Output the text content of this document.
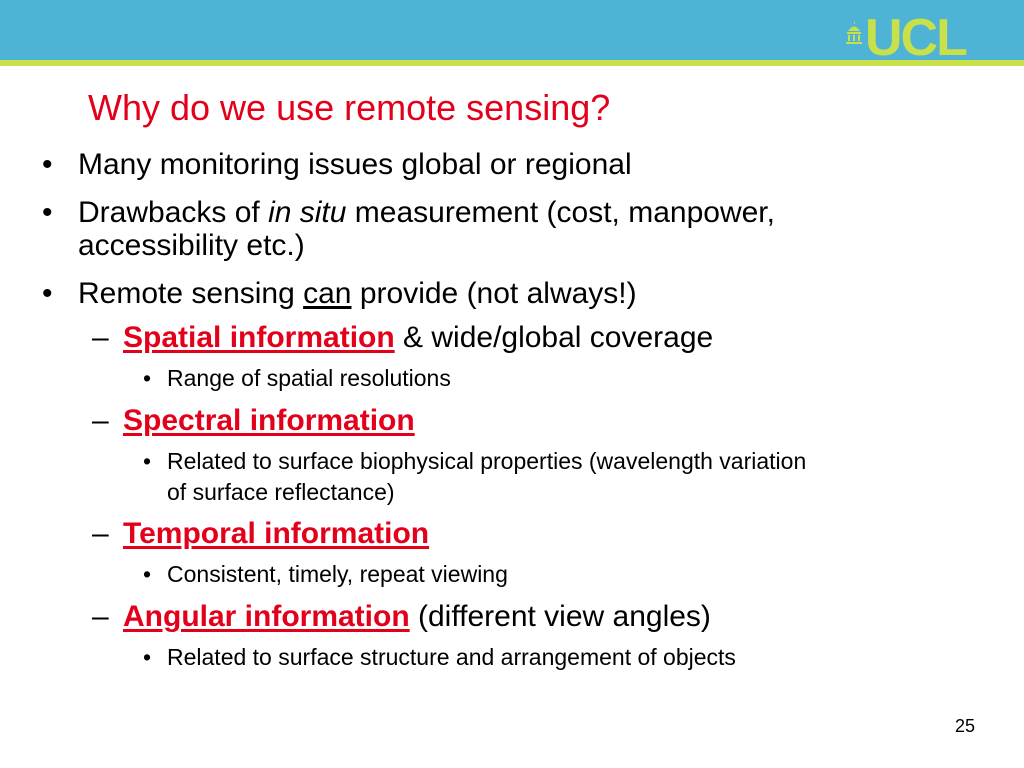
UCL
Why do we use remote sensing?
• Many monitoring issues global or regional
• Drawbacks of in situ measurement (cost, manpower,
accessibility etc.)
• Remote sensing can provide (not always!)
– Spatial information & wide/global coverage
• Range of spatial resolutions
– Spectral information
• Related to surface biophysical properties (wavelength variation
of surface reflectance)
– Temporal information
• Consistent, timely, repeat viewing
– Angular information (different view angles)
• Related to surface structure and arrangement of objects
25
